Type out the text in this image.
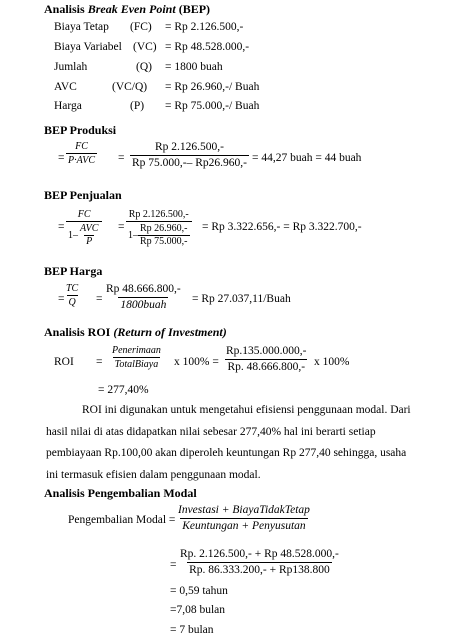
Analisis Break Even Point (BEP)
Biaya Tetap (FC) = Rp 2.126.500,-
Biaya Variabel (VC) = Rp 48.528.000,-
Jumlah	(Q) = 1800 buah
AVC	(VC/Q) = Rp 26.960,-/ Buah
Harga	(P) = Rp 75.000,-/ Buah
BEP Produksi
=
FC
$P\cdot AVC = \frac{Rp 2.126.500,-}{Rp 75.000,-- Rp26.960,-} = 44,27$ buah = 44 buah
BEP Penjualan
=
FC
$1- \frac{\text{AVC}}{P} = \frac{Rp 2.126.500,-}{1- \frac{Rp 26.960,-}{Rp 75.000,-}} = Rp$ 3.322.656,- = Rp 3.322.700,-
BEP Harga
= $\frac{TC}{Q}$ =
Rp 48.666.800,-
1800buah = Rp 27.037,11/Buah
Analisis ROI (Return of Investment)
ROI =
Penerimaan
TotalBiaya x $100\% = \frac{Rp.135.000.000,-}{Rp. 48.666.800,-}$ x 100%
= 277,40%

ROI ini digunakan untuk mengetahui efisiensi penggunaan modal. Dari

hasil nilai di atas didapatkan nilai sebesar 277,40% hal ini berarti setiap

pembiayaan Rp.100,00 akan diperoleh keuntungan Rp 277,40 sehingga, usaha

ini termasuk efisien dalam penggunaan modal.

Analisis Pengembalian Modal
Pengembalian Modal =
Investasi + BiayaTidakTetap
Keuntungan + Penyusutan
= $\frac{Rp. 2.126.500,- + Rp 48.528.000,-}{Rp. 86.333.200,- + Rp138.800}$
= 0,59 tahun
=7,08 bulan
= 7 bulan
